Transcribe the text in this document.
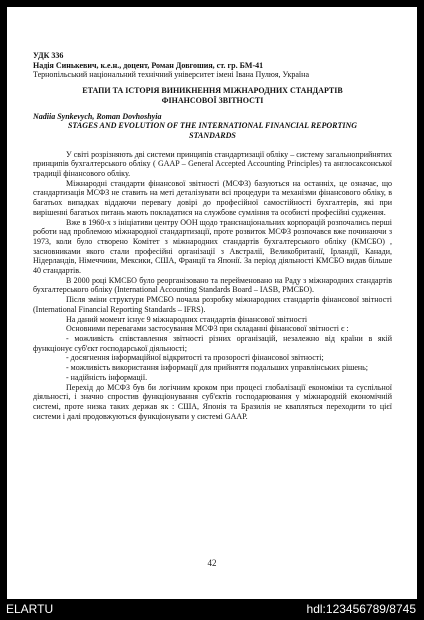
УДК 336
Надія Синькевич, к.е.н., доцент, Роман Довгошия, ст. гр. БМ-41
Тернопільський національний технічний університет імені Івана Пулюя, Україна
ЕТАПИ ТА ІСТОРІЯ ВИНИКНЕННЯ МІЖНАРОДНИХ СТАНДАРТІВ
ФІНАНСОВОЇ ЗВІТНОСТІ
Nadiia Synkevych, Roman Dovhoshyia
STAGES AND EVOLUTION OF THE INTERNATIONAL FINANCIAL REPORTING
STANDARDS
У світі розрізняють дві системи принципів стандартизації обліку – систему загальноприйнятих принципів бухгалтерського обліку ( GAAP – General Accepted Accounting Principles) та англосаксонської традиції фінансового обліку.
Міжнародні стандарти фінансової звітності (МСФЗ) базуються на останніх, це означає, що стандартизація МСФЗ не ставить на меті деталізувати всі процедури та механізми фінансового обліку, в багатьох випадках віддаючи перевагу довірі до професійної самостійності бухгалтерів, які при вирішенні багатьох питань мають покладатися на службове сумління та особисті професійні судження.
Вже в 1960-х з ініціативи центру ООН щодо транснаціональних корпорацій розпочались перші роботи над проблемою міжнародної стандартизації, проте розвиток МСФЗ розпочався вже починаючи з 1973, коли було створено Комітет з міжнародних стандартів бухгалтерського обліку (КМСБО) , засновниками якого стали професійні організації з Австралії, Великобританії, Ірландії, Канади, Нідерландів, Німеччини, Мексики, США, Франції та Японії. За період діяльності КМСБО видав більше 40 стандартів.
В 2000 році КМСБО було реорганізовано та перейменовано на Раду з міжнародних стандартів бухгалтерського обліку (International Accounting Standards Board – IASB, РМСБО).
Після зміни структури РМСБО почала розробку міжнародних стандартів фінансової звітності (International Financial Reporting Standards – IFRS).
На даний момент існує 9 міжнародних стандартів фінансової звітності
Основними перевагами застосування МСФЗ при складанні фінансової звітності є :
- можливість співставлення звітності різних організацій, незалежно від країни в якій функціонує суб'єкт господарської діяльності;
- досягнення інформаційної відкритості та прозорості фінансової звітності;
- можливість використання інформації для прийняття подальших управлінських рішень;
- надійність інформації.
Перехід до МСФЗ був би логічним кроком при процесі глобалізації економіки та суспільної діяльності, і значно спростив функціонування суб'єктів господарювання у міжнародній економічній системі, проте низка таких держав як : США, Японія та Бразилія не квапляться переходити то цієї системи і далі продовжуються функціонувати у системі GAAP.
42
ELARTU	hdl:123456789/8745
